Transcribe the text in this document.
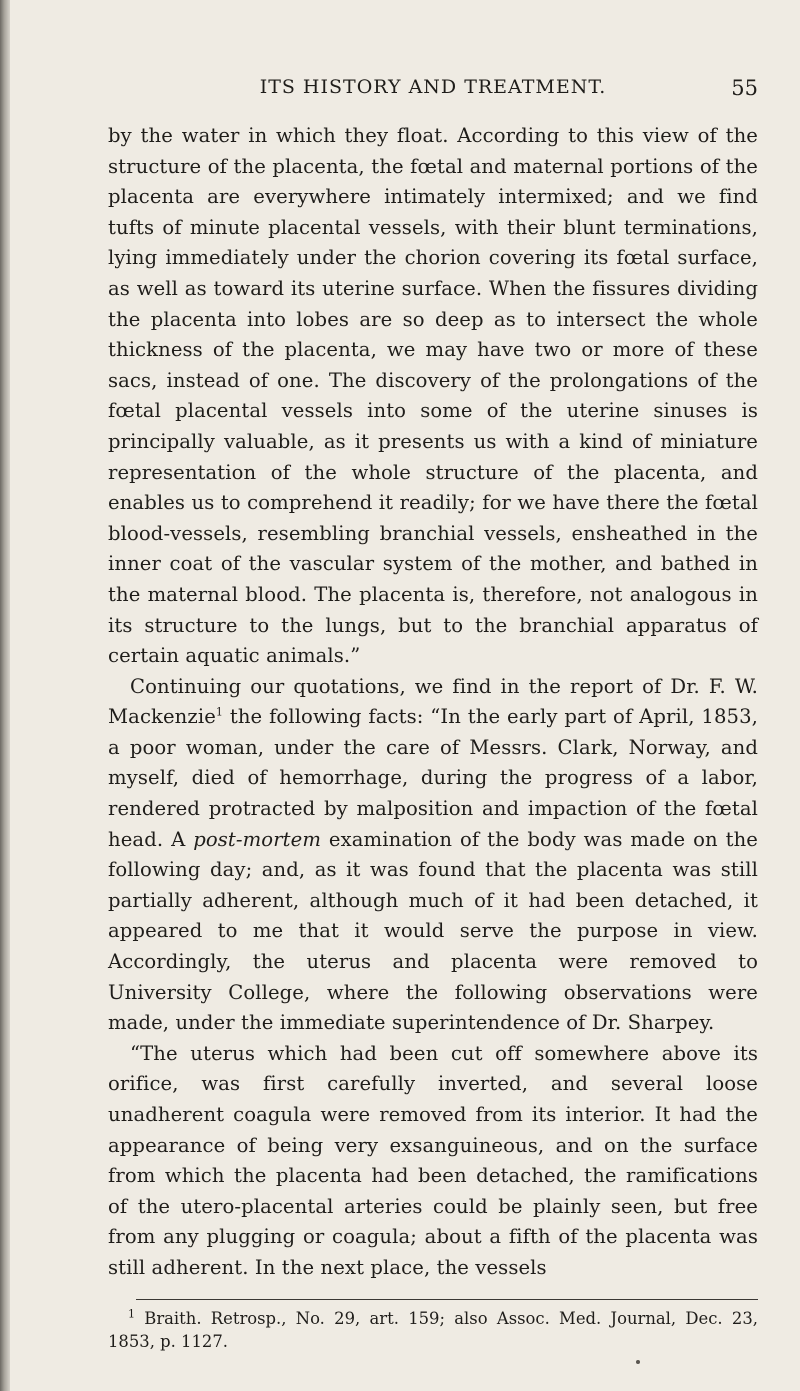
ITS HISTORY AND TREATMENT.	55

by the water in which they float. According to this view of the structure of the placenta, the fœtal and maternal portions of the placenta are everywhere intimately intermixed; and we find tufts of minute placental vessels, with their blunt terminations, lying immediately under the chorion covering its fœtal surface, as well as toward its uterine surface. When the fissures dividing the placenta into lobes are so deep as to intersect the whole thickness of the placenta, we may have two or more of these sacs, instead of one. The discovery of the prolongations of the fœtal placental vessels into some of the uterine sinuses is principally valuable, as it presents us with a kind of miniature representation of the whole structure of the placenta, and enables us to comprehend it readily; for we have there the fœtal blood-vessels, resembling branchial vessels, ensheathed in the inner coat of the vascular system of the mother, and bathed in the maternal blood. The placenta is, therefore, not analogous in its structure to the lungs, but to the branchial apparatus of certain aquatic animals.”

Continuing our quotations, we find in the report of Dr. F. W. Mackenzie$^1$ the following facts: “In the early part of April, 1853, a poor woman, under the care of Messrs. Clark, Norway, and myself, died of hemorrhage, during the progress of a labor, rendered protracted by malposition and impaction of the fœtal head. A post-mortem examination of the body was made on the following day; and, as it was found that the placenta was still partially adherent, although much of it had been detached, it appeared to me that it would serve the purpose in view. Accordingly, the uterus and placenta were removed to University College, where the following observations were made, under the immediate superintendence of Dr. Sharpey.

“The uterus which had been cut off somewhere above its orifice, was first carefully inverted, and several loose unadherent coagula were removed from its interior. It had the appearance of being very exsanguineous, and on the surface from which the placenta had been detached, the ramifications of the utero-placental arteries could be plainly seen, but free from any plugging or coagula; about a fifth of the placenta was still adherent. In the next place, the vessels

$^1$ Braith. Retrosp., No. 29, art. 159; also Assoc. Med. Journal, Dec. 23, 1853, p. 1127.
